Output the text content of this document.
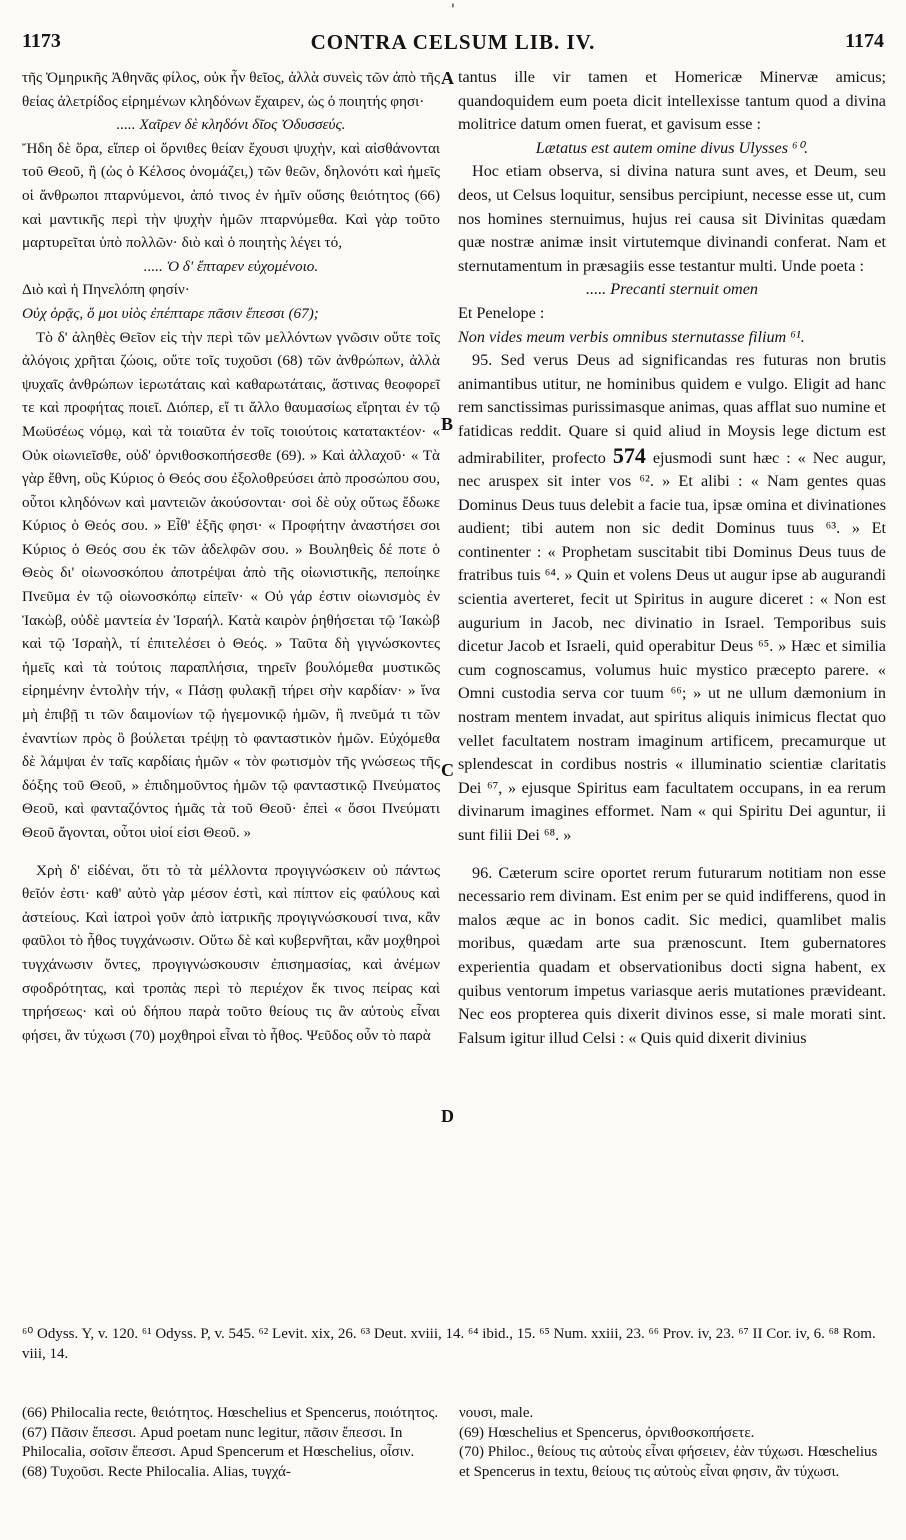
1173	CONTRA CELSUM LIB. IV.	1174
'

τῆς Ὁμηρικῆς Ἀθηνᾶς φίλος, οὐκ ἦν θεῖος, ἀλλὰ συνεὶς τῶν ἀπὸ τῆς θείας ἀλετρίδος εἰρημένων κληδόνων ἔχαιρεν, ὡς ὁ ποιητής φησι·

..... Χαῖρεν δὲ κληδόνι δῖος Ὀδυσσεύς.

Ἤδη δὲ ὅρα, εἴπερ οἱ ὄρνιθες θείαν ἔχουσι ψυχὴν, καὶ αἰσθάνονται τοῦ Θεοῦ, ἢ (ὡς ὁ Κέλσος ὀνομάζει,) τῶν θεῶν, δηλονότι καὶ ἡμεῖς οἱ ἄνθρωποι πταρνύμενοι, ἀπό τινος ἐν ἡμῖν οὔσης θειότητος (66) καὶ μαντικῆς περὶ τὴν ψυχὴν ἡμῶν πταρνύμεθα. Καὶ γὰρ τοῦτο μαρτυρεῖται ὑπὸ πολλῶν· διὸ καὶ ὁ ποιητὴς λέγει τό,

..... Ὁ δ' ἔπταρεν εὐχομένοιο.

Διὸ καὶ ἡ Πηνελόπη φησίν·

Οὐχ ὁρᾷς, ὅ μοι υἱὸς ἐπέπταρε πᾶσιν ἔπεσσι (67);

Τὸ δ' ἀληθὲς Θεῖον εἰς τὴν περὶ τῶν μελλόντων γνῶσιν οὔτε τοῖς ἀλόγοις χρῆται ζώοις, οὔτε τοῖς τυχοῦσι (68) τῶν ἀνθρώπων, ἀλλὰ ψυχαῖς ἀνθρώπων ἱερωτάταις καὶ καθαρωτάταις, ἅστινας θεοφορεῖ τε καὶ προφήτας ποιεῖ. Διόπερ, εἴ τι ἄλλο θαυμασίως εἴρηται ἐν τῷ Μωϋσέως νόμῳ, καὶ τὰ τοιαῦτα ἐν τοῖς τοιούτοις κατατακτέον· « Οὐκ οἰωνιεῖσθε, οὐδ' ὀρνιθοσκοπήσεσθε (69). » Καὶ ἀλλαχοῦ· « Τὰ γὰρ ἔθνη, οὓς Κύριος ὁ Θεός σου ἐξολοθρεύσει ἀπὸ προσώπου σου, οὗτοι κληδόνων καὶ μαντειῶν ἀκούσονται· σοὶ δὲ οὐχ οὕτως ἔδωκε Κύριος ὁ Θεός σου. » Εἶθ' ἑξῆς φησι· « Προφήτην ἀναστήσει σοι Κύριος ὁ Θεός σου ἐκ τῶν ἀδελφῶν σου. » Βουληθεὶς δέ ποτε ὁ Θεὸς δι' οἰωνοσκόπου ἀποτρέψαι ἀπὸ τῆς οἰωνιστικῆς, πεποίηκε Πνεῦμα ἐν τῷ οἰωνοσκόπῳ εἰπεῖν· « Οὐ γάρ ἐστιν οἰωνισμὸς ἐν Ἰακὼβ, οὐδὲ μαντεία ἐν Ἰσραήλ. Κατὰ καιρὸν ῥηθήσεται τῷ Ἰακὼβ καὶ τῷ Ἰσραὴλ, τί ἐπιτελέσει ὁ Θεός. » Ταῦτα δὴ γιγνώσκοντες ἡμεῖς καὶ τὰ τούτοις παραπλήσια, τηρεῖν βουλόμεθα μυστικῶς εἰρημένην ἐντολὴν τήν, « Πάσῃ φυλακῇ τήρει σὴν καρδίαν· » ἵνα μὴ ἐπιβῇ τι τῶν δαιμονίων τῷ ἡγεμονικῷ ἡμῶν, ἢ πνεῦμά τι τῶν ἐναντίων πρὸς ὃ βούλεται τρέψῃ τὸ φανταστικὸν ἡμῶν. Εὐχόμεθα δὲ λάμψαι ἐν ταῖς καρδίαις ἡμῶν « τὸν φωτισμὸν τῆς γνώσεως τῆς δόξης τοῦ Θεοῦ, » ἐπιδημοῦντος ἡμῶν τῷ φανταστικῷ Πνεύματος Θεοῦ, καὶ φανταζόντος ἡμᾶς τὰ τοῦ Θεοῦ· ἐπεὶ « ὅσοι Πνεύματι Θεοῦ ἄγονται, οὗτοι υἱοί εἰσι Θεοῦ. »

Χρὴ δ' εἰδέναι, ὅτι τὸ τὰ μέλλοντα προγιγνώσκειν οὐ πάντως θεῖόν ἐστι· καθ' αὐτὸ γὰρ μέσον ἐστὶ, καὶ πίπτον εἰς φαύλους καὶ ἀστείους. Καὶ ἰατροὶ γοῦν ἀπὸ ἰατρικῆς προγιγνώσκουσί τινα, κἂν φαῦλοι τὸ ἦθος τυγχάνωσιν. Οὕτω δὲ καὶ κυβερνῆται, κἂν μοχθηροὶ τυγχάνωσιν ὄντες, προγιγνώσκουσιν ἐπισημασίας, καὶ ἀνέμων σφοδρότητας, καὶ τροπὰς περὶ τὸ περιέχον ἔκ τινος πείρας καὶ τηρήσεως· καὶ οὐ δήπου παρὰ τοῦτο θείους τις ἂν αὐτοὺς εἶναι φήσει, ἂν τύχωσι (70) μοχθηροὶ εἶναι τὸ ἦθος. Ψεῦδος οὖν τὸ παρὰ

A
B
C
D

tantus ille vir tamen et Homericæ Minervæ amicus; quandoquidem eum poeta dicit intellexisse tantum quod a divina molitrice datum omen fuerat, et gavisum esse :

Lætatus est autem omine divus Ulysses ⁶⁰.

Hoc etiam observa, si divina natura sunt aves, et Deum, seu deos, ut Celsus loquitur, sensibus percipiunt, necesse esse ut, cum nos homines sternuimus, hujus rei causa sit Divinitas quædam quæ nostræ animæ insit virtutemque divinandi conferat. Nam et sternutamentum in præsagiis esse testantur multi. Unde poeta :

..... Precanti sternuit omen

Et Penelope :

Non vides meum verbis omnibus sternutasse filium ⁶¹.

95. Sed verus Deus ad significandas res futuras non brutis animantibus utitur, ne hominibus quidem e vulgo. Eligit ad hanc rem sanctissimas purissimasque animas, quas afflat suo numine et fatidicas reddit. Quare si quid aliud in Moysis lege dictum est admirabiliter, profecto 574 ejusmodi sunt hæc : « Nec augur, nec aruspex sit inter vos ⁶². » Et alibi : « Nam gentes quas Dominus Deus tuus delebit a facie tua, ipsæ omina et divinationes audient; tibi autem non sic dedit Dominus tuus ⁶³. » Et continenter : « Prophetam suscitabit tibi Dominus Deus tuus de fratribus tuis ⁶⁴. » Quin et volens Deus ut augur ipse ab augurandi scientia averteret, fecit ut Spiritus in augure diceret : « Non est augurium in Jacob, nec divinatio in Israel. Temporibus suis dicetur Jacob et Israeli, quid operabitur Deus ⁶⁵. » Hæc et similia cum cognoscamus, volumus huic mystico præcepto parere. « Omni custodia serva cor tuum ⁶⁶; » ut ne ullum dæmonium in nostram mentem invadat, aut spiritus aliquis inimicus flectat quo vellet facultatem nostram imaginum artificem, precamurque ut splendescat in cordibus nostris « illuminatio scientiæ claritatis Dei ⁶⁷, » ejusque Spiritus eam facultatem occupans, in ea rerum divinarum imagines efformet. Nam « qui Spiritu Dei aguntur, ii sunt filii Dei ⁶⁸. »

96. Cæterum scire oportet rerum futurarum notitiam non esse necessario rem divinam. Est enim per se quid indifferens, quod in malos æque ac in bonos cadit. Sic medici, quamlibet malis moribus, quædam arte sua prænoscunt. Item gubernatores experientia quadam et observationibus docti signa habent, ex quibus ventorum impetus variasque aeris mutationes prævideant. Nec eos propterea quis dixerit divinos esse, si male morati sint. Falsum igitur illud Celsi : « Quis quid dixerit divinius

⁶⁰ Odyss. Y, v. 120. ⁶¹ Odyss. P, v. 545. ⁶² Levit. xix, 26. ⁶³ Deut. xviii, 14. ⁶⁴ ibid., 15. ⁶⁵ Num. xxiii, 23. ⁶⁶ Prov. iv, 23. ⁶⁷ II Cor. iv, 6. ⁶⁸ Rom. viii, 14.

(66) Philocalia recte, θειότητος. Hœschelius et Spencerus, ποιότητος.

(67) Πᾶσιν ἔπεσσι. Apud poetam nunc legitur, πᾶσιν ἔπεσσι. In Philocalia, σοῖσιν ἔπεσσι. Apud Spencerum et Hœschelius, οἶσιν.

(68) Τυχοῦσι. Recte Philocalia. Alias, τυγχά-

νουσι, male.

(69) Hœschelius et Spencerus, ὀρνιθοσκοπήσετε.

(70) Philoc., θείους τις αὐτοὺς εἶναι φήσειεν, ἐὰν τύχωσι. Hœschelius et Spencerus in textu, θείους τις αὐτοὺς εἶναι φησιν, ἂν τύχωσι.
